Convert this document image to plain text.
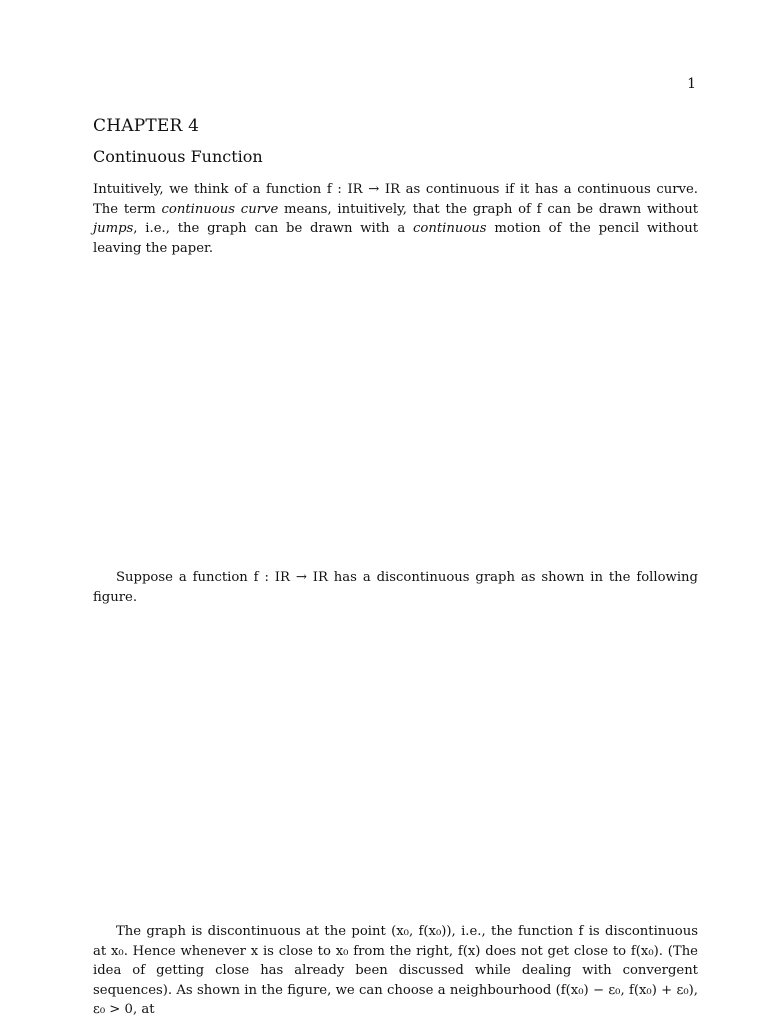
1
CHAPTER 4
Continuous Function

Intuitively, we think of a function f : IR → IR as continuous if it has a continuous curve. The term continuous curve means, intuitively, that the graph of f can be drawn without jumps, i.e., the graph can be drawn with a continuous motion of the pencil without leaving the paper.

Suppose a function f : IR → IR has a discontinuous graph as shown in the following figure.

The graph is discontinuous at the point (x₀, f(x₀)), i.e., the function f is discontinuous at x₀. Hence whenever x is close to x₀ from the right, f(x) does not get close to f(x₀). (The idea of getting close has already been discussed while dealing with convergent sequences). As shown in the figure, we can choose a neighbourhood (f(x₀) − ε₀, f(x₀) + ε₀), ε₀ > 0, at
